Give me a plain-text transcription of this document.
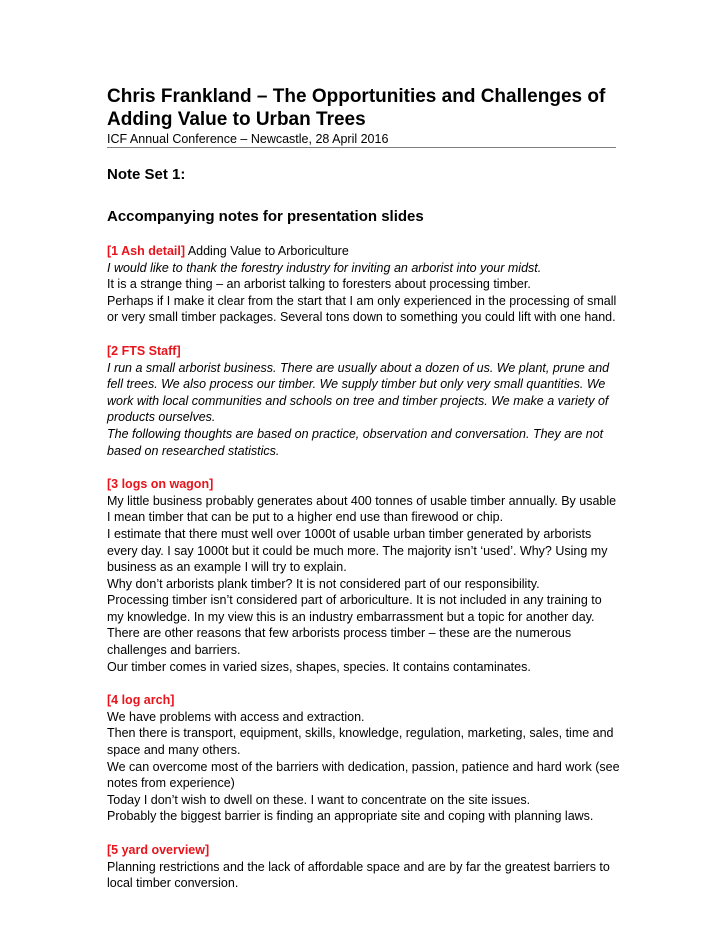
Chris Frankland – The Opportunities and Challenges of Adding Value to Urban Trees
ICF Annual Conference – Newcastle, 28 April 2016
Note Set 1:
Accompanying notes for presentation slides
[1 Ash detail] Adding Value to Arboriculture
I would like to thank the forestry industry for inviting an arborist into your midst.
It is a strange thing – an arborist talking to foresters about processing timber.
Perhaps if I make it clear from the start that I am only experienced in the processing of small or very small timber packages. Several tons down to something you could lift with one hand.
[2 FTS Staff]
I run a small arborist business. There are usually about a dozen of us. We plant, prune and fell trees. We also process our timber. We supply timber but only very small quantities. We work with local communities and schools on tree and timber projects. We make a variety of products ourselves.
The following thoughts are based on practice, observation and conversation. They are not based on researched statistics.
[3 logs on wagon]
My little business probably generates about 400 tonnes of usable timber annually. By usable I mean timber that can be put to a higher end use than firewood or chip.
I estimate that there must well over 1000t of usable urban timber generated by arborists every day. I say 1000t but it could be much more. The majority isn’t ‘used’. Why? Using my business as an example I will try to explain.
Why don’t arborists plank timber? It is not considered part of our responsibility.
Processing timber isn’t considered part of arboriculture. It is not included in any training to my knowledge. In my view this is an industry embarrassment but a topic for another day.
There are other reasons that few arborists process timber – these are the numerous challenges and barriers.
Our timber comes in varied sizes, shapes, species. It contains contaminates.
[4 log arch]
We have problems with access and extraction.
Then there is transport, equipment, skills, knowledge, regulation, marketing, sales, time and space and many others.
We can overcome most of the barriers with dedication, passion, patience and hard work (see notes from experience)
Today I don’t wish to dwell on these. I want to concentrate on the site issues.
Probably the biggest barrier is finding an appropriate site and coping with planning laws.
[5 yard overview]
Planning restrictions and the lack of affordable space and are by far the greatest barriers to local timber conversion.
